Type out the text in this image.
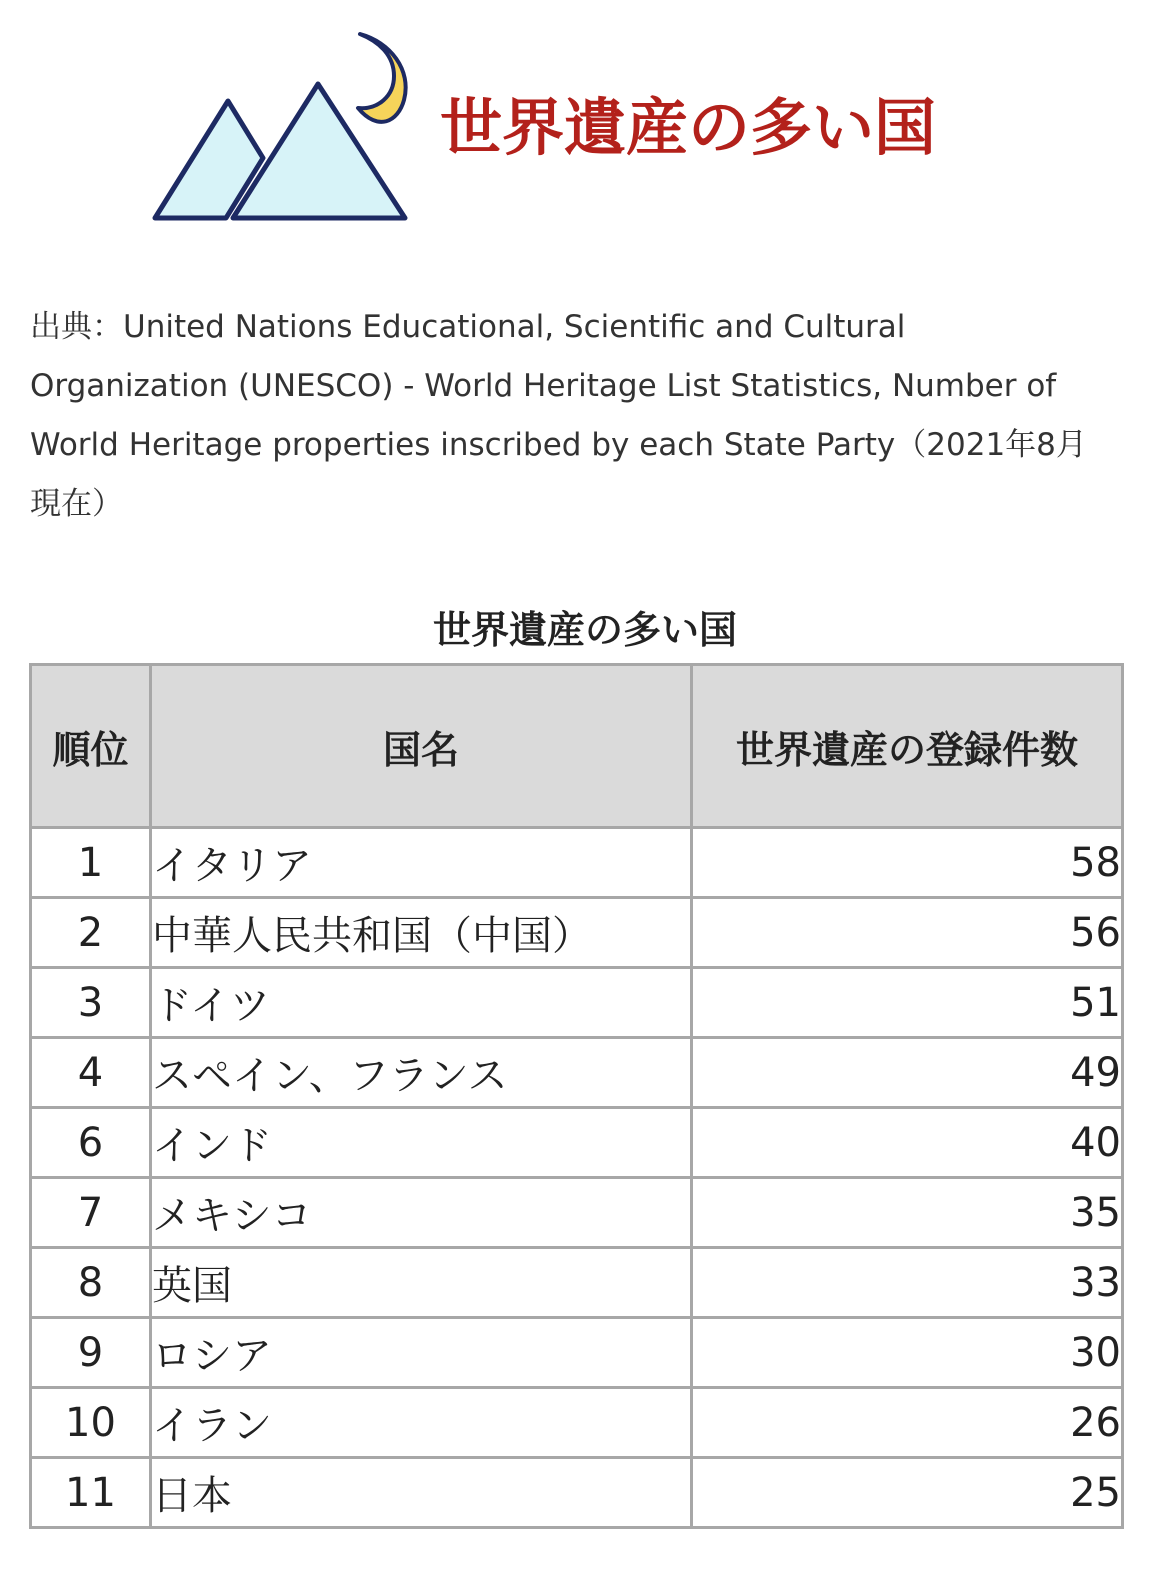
世界遺産の多い国
出典：United Nations Educational, Scientific and Cultural Organization (UNESCO) - World Heritage List Statistics, Number of World Heritage properties inscribed by each State Party（2021年8月現在）
世界遺産の多い国
順位	国名	世界遺産の登録件数
1	イタリア	58
2	中華人民共和国（中国）	56
3	ドイツ	51
4	スペイン、フランス	49
6	インド	40
7	メキシコ	35
8	英国	33
9	ロシア	30
10	イラン	26
11	日本	25
